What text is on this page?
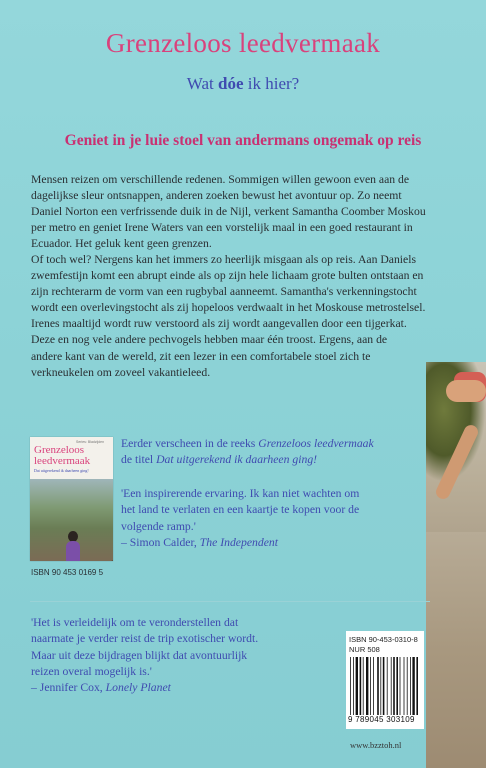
Grenzeloos leedvermaak
Wat dóe ik hier?
Geniet in je luie stoel van andermans ongemak op reis
Mensen reizen om verschillende redenen. Sommigen willen gewoon even aan de
dagelijkse sleur ontsnappen, anderen zoeken bewust het avontuur op. Zo neemt
Daniel Norton een verfrissende duik in de Nijl, verkent Samantha Coomber Moskou
per metro en geniet Irene Waters van een vorstelijk maal in een goed restaurant in
Ecuador. Het geluk kent geen grenzen.
Of toch wel? Nergens kan het immers zo heerlijk misgaan als op reis. Aan Daniels
zwemfestijn komt een abrupt einde als op zijn hele lichaam grote bulten ontstaan en
zijn rechterarm de vorm van een rugbybal aanneemt. Samantha's verkenningstocht
wordt een overlevingstocht als zij hopeloos verdwaalt in het Moskouse metrostelsel.
Irenes maaltijd wordt ruw verstoord als zij wordt aangevallen door een tijgerkat.
Deze en nog vele andere pechvogels hebben maar één troost. Ergens, aan de
andere kant van de wereld, zit een lezer in een comfortabele stoel zich te
verkneukelen om zoveel vakantieleed.
Series: Bladzijden
Grenzeloos
leedvermaak
Dat uitgerekend ik daarheen ging!
ISBN 90 453 0169 5
Eerder verscheen in de reeks Grenzeloos leedvermaak
de titel Dat uitgerekend ik daarheen ging!
'Een inspirerende ervaring. Ik kan niet wachten om
het land te verlaten en een kaartje te kopen voor de
volgende ramp.'
– Simon Calder, The Independent
'Het is verleidelijk om te veronderstellen dat
naarmate je verder reist de trip exotischer wordt.
Maar uit deze bijdragen blijkt dat avontuurlijk
reizen overal mogelijk is.'
– Jennifer Cox, Lonely Planet
ISBN 90-453-0310-8
NUR 508
9 789045 303109
www.bzztoh.nl
